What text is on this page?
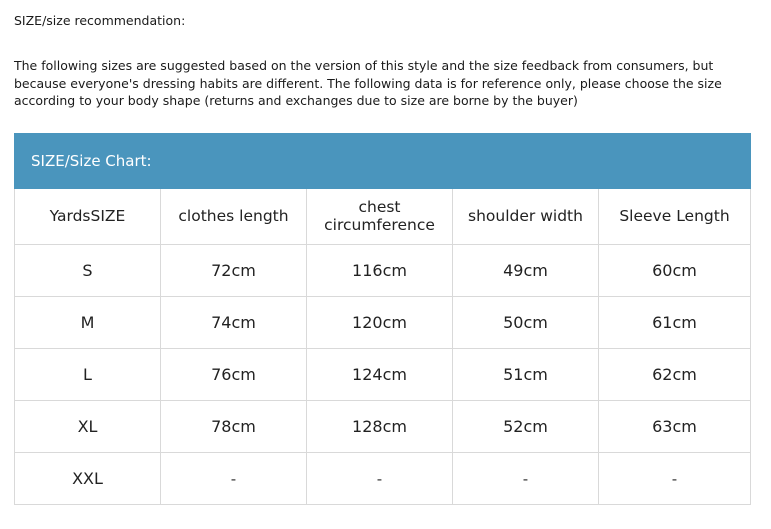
SIZE/size recommendation:

The following sizes are suggested based on the version of this style and the size feedback from consumers, but because everyone's dressing habits are different. The following data is for reference only, please choose the size according to your body shape (returns and exchanges due to size are borne by the buyer)

SIZE/Size Chart:				
YardsSIZE	clothes length	chest circumference	shoulder width	Sleeve Length
S	72cm	116cm	49cm	60cm
M	74cm	120cm	50cm	61cm
L	76cm	124cm	51cm	62cm
XL	78cm	128cm	52cm	63cm
XXL	-	-	-	-
